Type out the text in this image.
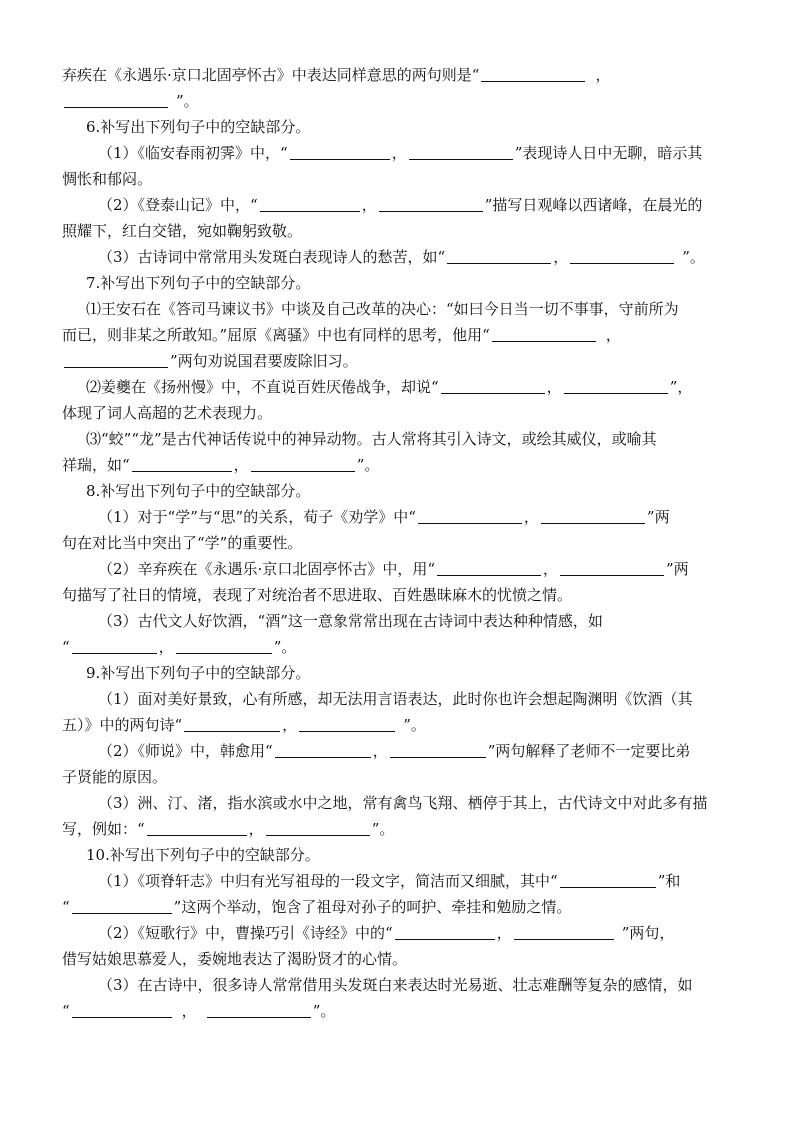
弃疾在《永遇乐·京口北固亭怀古》中表达同样意思的两句则是“	，
”。
6.补写出下列句子中的空缺部分。
（1）《临安春雨初霁》中，“	，	”表现诗人日中无聊，暗示其
惆怅和郁闷。
（2）《登泰山记》中，“	，	”描写日观峰以西诸峰，在晨光的
照耀下，红白交错，宛如鞠躬致敬。
（3）古诗词中常常用头发斑白表现诗人的愁苦，如“	，	”。
7.补写出下列句子中的空缺部分。
⑴王安石在《答司马谏议书》中谈及自己改革的决心：“如曰今日当一切不事事，守前所为
而已，则非某之所敢知。”屈原《离骚》中也有同样的思考，他用“	，
”两句劝说国君要废除旧习。
⑵姜夔在《扬州慢》中，不直说百姓厌倦战争，却说“	，	”，
体现了词人高超的艺术表现力。
⑶“蛟”“龙”是古代神话传说中的神异动物。古人常将其引入诗文，或绘其威仪，或喻其
祥瑞，如“	，	”。
8.补写出下列句子中的空缺部分。
（1）对于“学”与“思”的关系，荀子《劝学》中“	，	”两
句在对比当中突出了“学”的重要性。
（2）辛弃疾在《永遇乐·京口北固亭怀古》中，用“	，	”两
句描写了社日的情境，表现了对统治者不思进取、百姓愚昧麻木的忧愤之情。
（3）古代文人好饮酒，“酒”这一意象常常出现在古诗词中表达种种情感，如
“	，	”。
9.补写出下列句子中的空缺部分。
（1）面对美好景致，心有所感，却无法用言语表达，此时你也许会想起陶渊明《饮酒（其
五）》中的两句诗“	，	”。
（2）《师说》中，韩愈用“	，	”两句解释了老师不一定要比弟
子贤能的原因。
（3）洲、汀、渚，指水滨或水中之地，常有禽鸟飞翔、栖停于其上，古代诗文中对此多有描
写，例如：“	，	”。
10.补写出下列句子中的空缺部分。
（1）《项脊轩志》中归有光写祖母的一段文字，简洁而又细腻，其中“	”和
“	”这两个举动，饱含了祖母对孙子的呵护、牵挂和勉励之情。
（2）《短歌行》中，曹操巧引《诗经》中的“	，	”两句，
借写姑娘思慕爱人，委婉地表达了渴盼贤才的心情。
（3）在古诗中，很多诗人常常借用头发斑白来表达时光易逝、壮志难酬等复杂的感情，如
“	，	”。
